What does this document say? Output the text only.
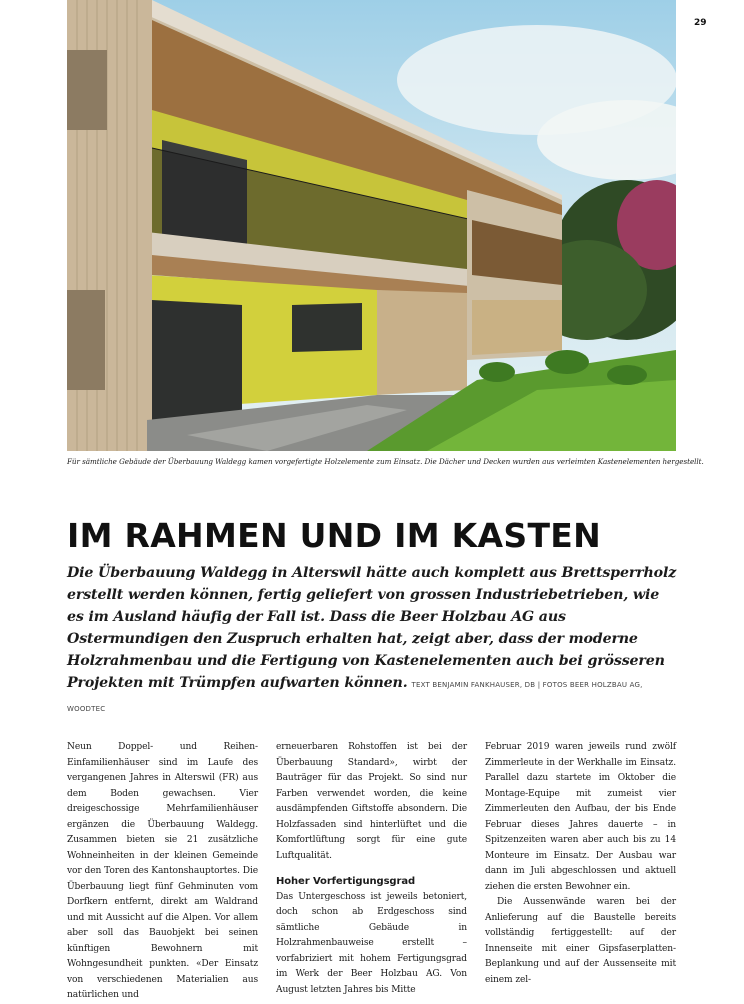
29
Für sämtliche Gebäude der Überbauung Waldegg kamen vorgefertigte Holzelemente zum Einsatz. Die Dächer und Decken wurden aus verleimten Kastenelementen hergestellt.
IM RAHMEN UND IM KASTEN
Die Überbauung Waldegg in Alterswil hätte auch komplett aus Brettsperrholz erstellt werden können, fertig geliefert von grossen Industriebetrieben, wie es im Ausland häufig der Fall ist. Dass die Beer Holzbau AG aus Ostermundigen den Zuspruch erhalten hat, zeigt aber, dass der moderne Holzrahmenbau und die Fertigung von Kastenelementen auch bei grösseren Projekten mit Trümpfen aufwarten können. TEXT BENJAMIN FANKHAUSER, DB | FOTOS BEER HOLZBAU AG, WOODTEC

Neun Doppel- und Reihen-Einfamilienhäuser sind im Laufe des vergangenen Jahres in Alterswil (FR) aus dem Boden gewachsen. Vier dreigeschossige Mehrfamilienhäuser ergänzen die Überbauung Waldegg. Zusammen bieten sie 21 zusätzliche Wohneinheiten in der kleinen Gemeinde vor den Toren des Kantonshauptortes. Die Überbauung liegt fünf Gehminuten vom Dorfkern entfernt, direkt am Waldrand und mit Aussicht auf die Alpen. Vor allem aber soll das Bauobjekt bei seinen künftigen Bewohnern mit Wohngesundheit punkten. «Der Einsatz von verschiedenen Materialien aus natürlichen und

erneuerbaren Rohstoffen ist bei der Überbauung Standard», wirbt der Bauträger für das Projekt. So sind nur Farben verwendet worden, die keine ausdämpfenden Giftstoffe absondern. Die Holzfassaden sind hinterlüftet und die Komfortlüftung sorgt für eine gute Luftqualität.

Hoher Vorfertigungsgrad

Das Untergeschoss ist jeweils betoniert, doch schon ab Erdgeschoss sind sämtliche Gebäude in Holzrahmenbauweise erstellt – vorfabriziert mit hohem Fertigungsgrad im Werk der Beer Holzbau AG. Von August letzten Jahres bis Mitte

Februar 2019 waren jeweils rund zwölf Zimmerleute in der Werkhalle im Einsatz. Parallel dazu startete im Oktober die Montage-Equipe mit zumeist vier Zimmerleuten den Aufbau, der bis Ende Februar dieses Jahres dauerte – in Spitzenzeiten waren aber auch bis zu 14 Monteure im Einsatz. Der Ausbau war dann im Juli abgeschlossen und aktuell ziehen die ersten Bewohner ein.

Die Aussenwände waren bei der Anlieferung auf die Baustelle bereits vollständig fertiggestellt: auf der Innenseite mit einer Gipsfaserplatten-Beplankung und auf der Aussenseite mit einem zel-
